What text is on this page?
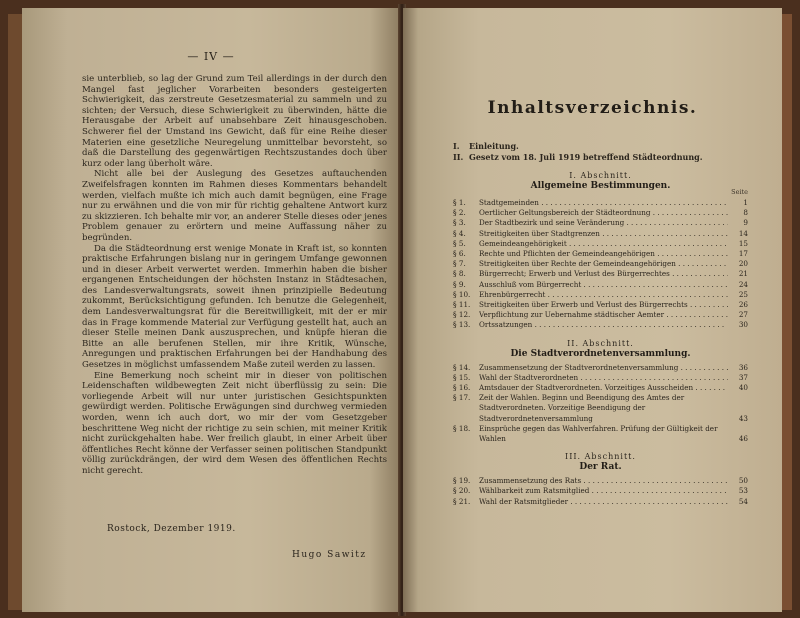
— IV —

sie unterblieb, so lag der Grund zum Teil allerdings in der durch den Mangel fast jeglicher Vorarbeiten besonders gesteigerten Schwierigkeit, das zerstreute Gesetzesmaterial zu sammeln und zu sichten; der Versuch, diese Schwierigkeit zu überwinden, hätte die Herausgabe der Arbeit auf unabsehbare Zeit hinausgeschoben. Schwerer fiel der Umstand ins Gewicht, daß für eine Reihe dieser Materien eine gesetzliche Neuregelung unmittelbar bevorsteht, so daß die Darstellung des gegenwärtigen Rechtszustandes doch über kurz oder lang überholt wäre.

Nicht alle bei der Auslegung des Gesetzes auftauchenden Zweifelsfragen konnten im Rahmen dieses Kommentars behandelt werden, vielfach mußte ich mich auch damit begnügen, eine Frage nur zu erwähnen und die von mir für richtig gehaltene Antwort kurz zu skizzieren. Ich behalte mir vor, an anderer Stelle dieses oder jenes Problem genauer zu erörtern und meine Auffassung näher zu begründen.

Da die Städteordnung erst wenige Monate in Kraft ist, so konnten praktische Erfahrungen bislang nur in geringem Umfange gewonnen und in dieser Arbeit verwertet werden. Immerhin haben die bisher ergangenen Entscheidungen der höchsten Instanz in Städtesachen, des Landesverwaltungsrats, soweit ihnen prinzipielle Bedeutung zukommt, Berücksichtigung gefunden. Ich benutze die Gelegenheit, dem Landesverwaltungsrat für die Bereitwilligkeit, mit der er mir das in Frage kommende Material zur Verfügung gestellt hat, auch an dieser Stelle meinen Dank auszusprechen, und knüpfe hieran die Bitte an alle berufenen Stellen, mir ihre Kritik, Wünsche, Anregungen und praktischen Erfahrungen bei der Handhabung des Gesetzes in möglichst umfassendem Maße zuteil werden zu lassen.

Eine Bemerkung noch scheint mir in dieser von politischen Leidenschaften wildbewegten Zeit nicht überflüssig zu sein: Die vorliegende Arbeit will nur unter juristischen Gesichtspunkten gewürdigt werden. Politische Erwägungen sind durchweg vermieden worden, wenn ich auch dort, wo mir der vom Gesetzgeber beschrittene Weg nicht der richtige zu sein schien, mit meiner Kritik nicht zurückgehalten habe. Wer freilich glaubt, in einer Arbeit über öffentliches Recht könne der Verfasser seinen politischen Standpunkt völlig zurückdrängen, der wird dem Wesen des öffentlichen Rechts nicht gerecht.

Rostock, Dezember 1919.
Hugo Sawitz
Inhaltsverzeichnis.
I. Einleitung.
II. Gesetz vom 18. Juli 1919 betreffend Städteordnung.
I. Abschnitt.
Allgemeine Bestimmungen.
Seite
§ 1.	Stadtgemeinden . . .	1
§ 2.	Oertlicher Geltungsbereich der Städteordnung . . .	8
§ 3.	Der Stadtbezirk und seine Veränderung . . .	9
§ 4.	Streitigkeiten über Stadtgrenzen . . .	14
§ 5.	Gemeindeangehörigkeit . . .	15
§ 6.	Rechte und Pflichten der Gemeindeangehörigen . . .	17
§ 7.	Streitigkeiten über Rechte der Gemeindeangehörigen . . .	20
§ 8.	Bürgerrecht; Erwerb und Verlust des Bürgerrechtes . . .	21
§ 9.	Ausschluß vom Bürgerrecht . . .	24
§ 10.	Ehrenbürgerrecht . . .	25
§ 11.	Streitigkeiten über Erwerb und Verlust des Bürgerrechts . . .	26
§ 12.	Verpflichtung zur Uebernahme städtischer Aemter . . .	27
§ 13.	Ortssatzungen . . .	30
II. Abschnitt.
Die Stadtverordnetenversammlung.
§ 14.	Zusammensetzung der Stadtverordnetenversammlung . . .	36
§ 15.	Wahl der Stadtverordneten . . .	37
§ 16.	Amtsdauer der Stadtverordneten. Vorzeitiges Ausscheiden . . .	40
§ 17.	Zeit der Wahlen. Beginn und Beendigung des Amtes der Stadtverordneten. Vorzeitige Beendigung der Stadtverordnetenversammlung	43
§ 18.	Einsprüche gegen das Wahlverfahren. Prüfung der Gültigkeit der Wahlen	46
III. Abschnitt.
Der Rat.
§ 19.	Zusammensetzung des Rats . . .	50
§ 20.	Wählbarkeit zum Ratsmitglied . . .	53
§ 21.	Wahl der Ratsmitglieder . . .	54
